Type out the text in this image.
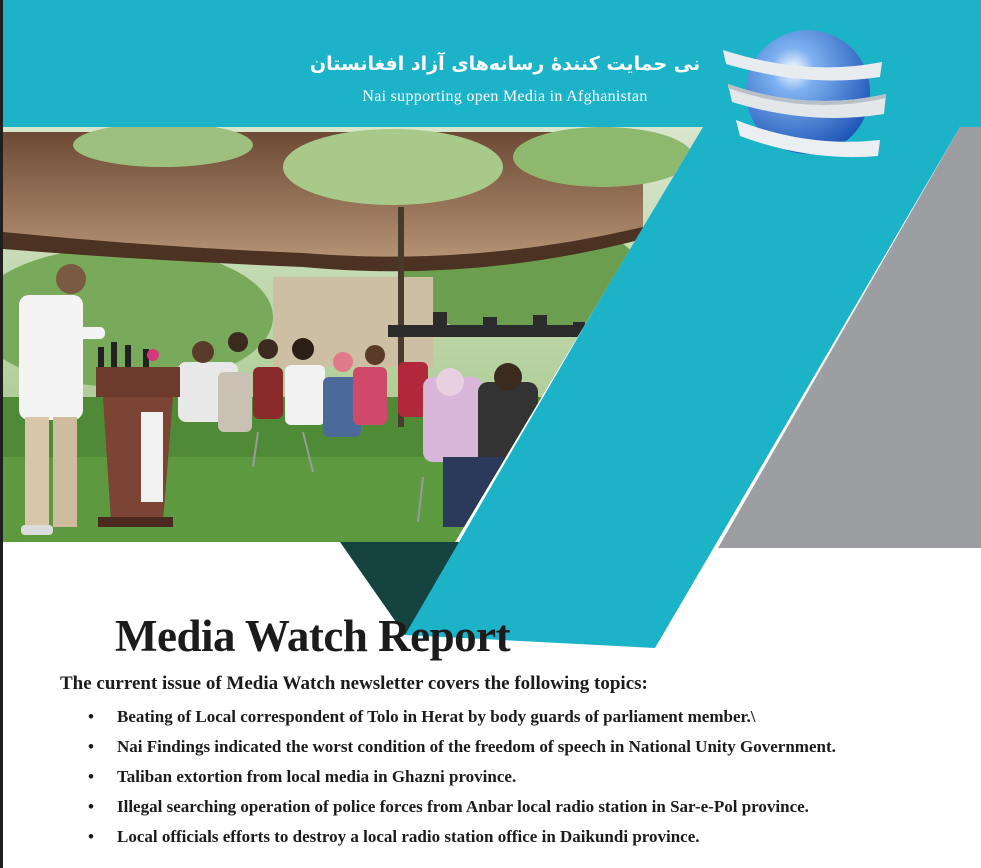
نی حمایت کنندهٔ رسانه‌های آزاد افغانستان
Nai supporting open Media in Afghanistan
Media Watch Report

The current issue of Media Watch newsletter covers the following topics:

• Beating of Local correspondent of Tolo in Herat by body guards of parliament member.\
• Nai Findings indicated the worst condition of the freedom of speech in National Unity Government.
• Taliban extortion from local media in Ghazni province.
• Illegal searching operation of police forces from Anbar local radio station in Sar-e-Pol province.
• Local officials efforts to destroy a local radio station office in Daikundi province.
